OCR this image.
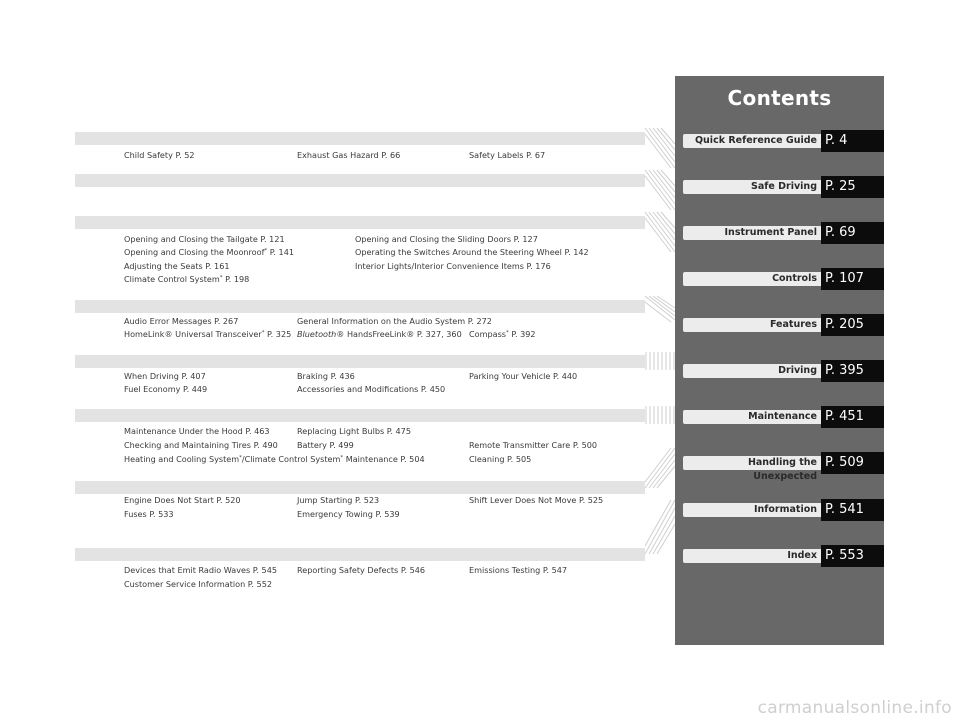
Child Safety P. 52	Exhaust Gas Hazard P. 66	Safety Labels P. 67
Opening and Closing the Tailgate P. 121	Opening and Closing the Sliding Doors P. 127
Opening and Closing the Moonroof* P. 141	Operating the Switches Around the Steering Wheel P. 142
Adjusting the Seats P. 161	Interior Lights/Interior Convenience Items P. 176
Climate Control System* P. 198
Audio Error Messages P. 267	General Information on the Audio System P. 272
HomeLink® Universal Transceiver* P. 325 Bluetooth® HandsFreeLink® P. 327, 360 Compass* P. 392
When Driving P. 407	Braking P. 436	Parking Your Vehicle P. 440
Fuel Economy P. 449	Accessories and Modifications P. 450
Maintenance Under the Hood P. 463	Replacing Light Bulbs P. 475
Checking and Maintaining Tires P. 490 Battery P. 499	Remote Transmitter Care P. 500
Heating and Cooling System*/Climate Control System* Maintenance P. 504	Cleaning P. 505
Engine Does Not Start P. 520	Jump Starting P. 523	Shift Lever Does Not Move P. 525
Fuses P. 533	Emergency Towing P. 539
Devices that Emit Radio Waves P. 545 Reporting Safety Defects P. 546	Emissions Testing P. 547
Customer Service Information P. 552
Contents
Quick Reference Guide P. 4
Safe Driving P. 25
Instrument Panel P. 69
Controls P. 107
Features P. 205
Driving P. 395
Maintenance P. 451
Handling the Unexpected
P. 509
Information P. 541
Index P. 553
carmanualsonline.info
